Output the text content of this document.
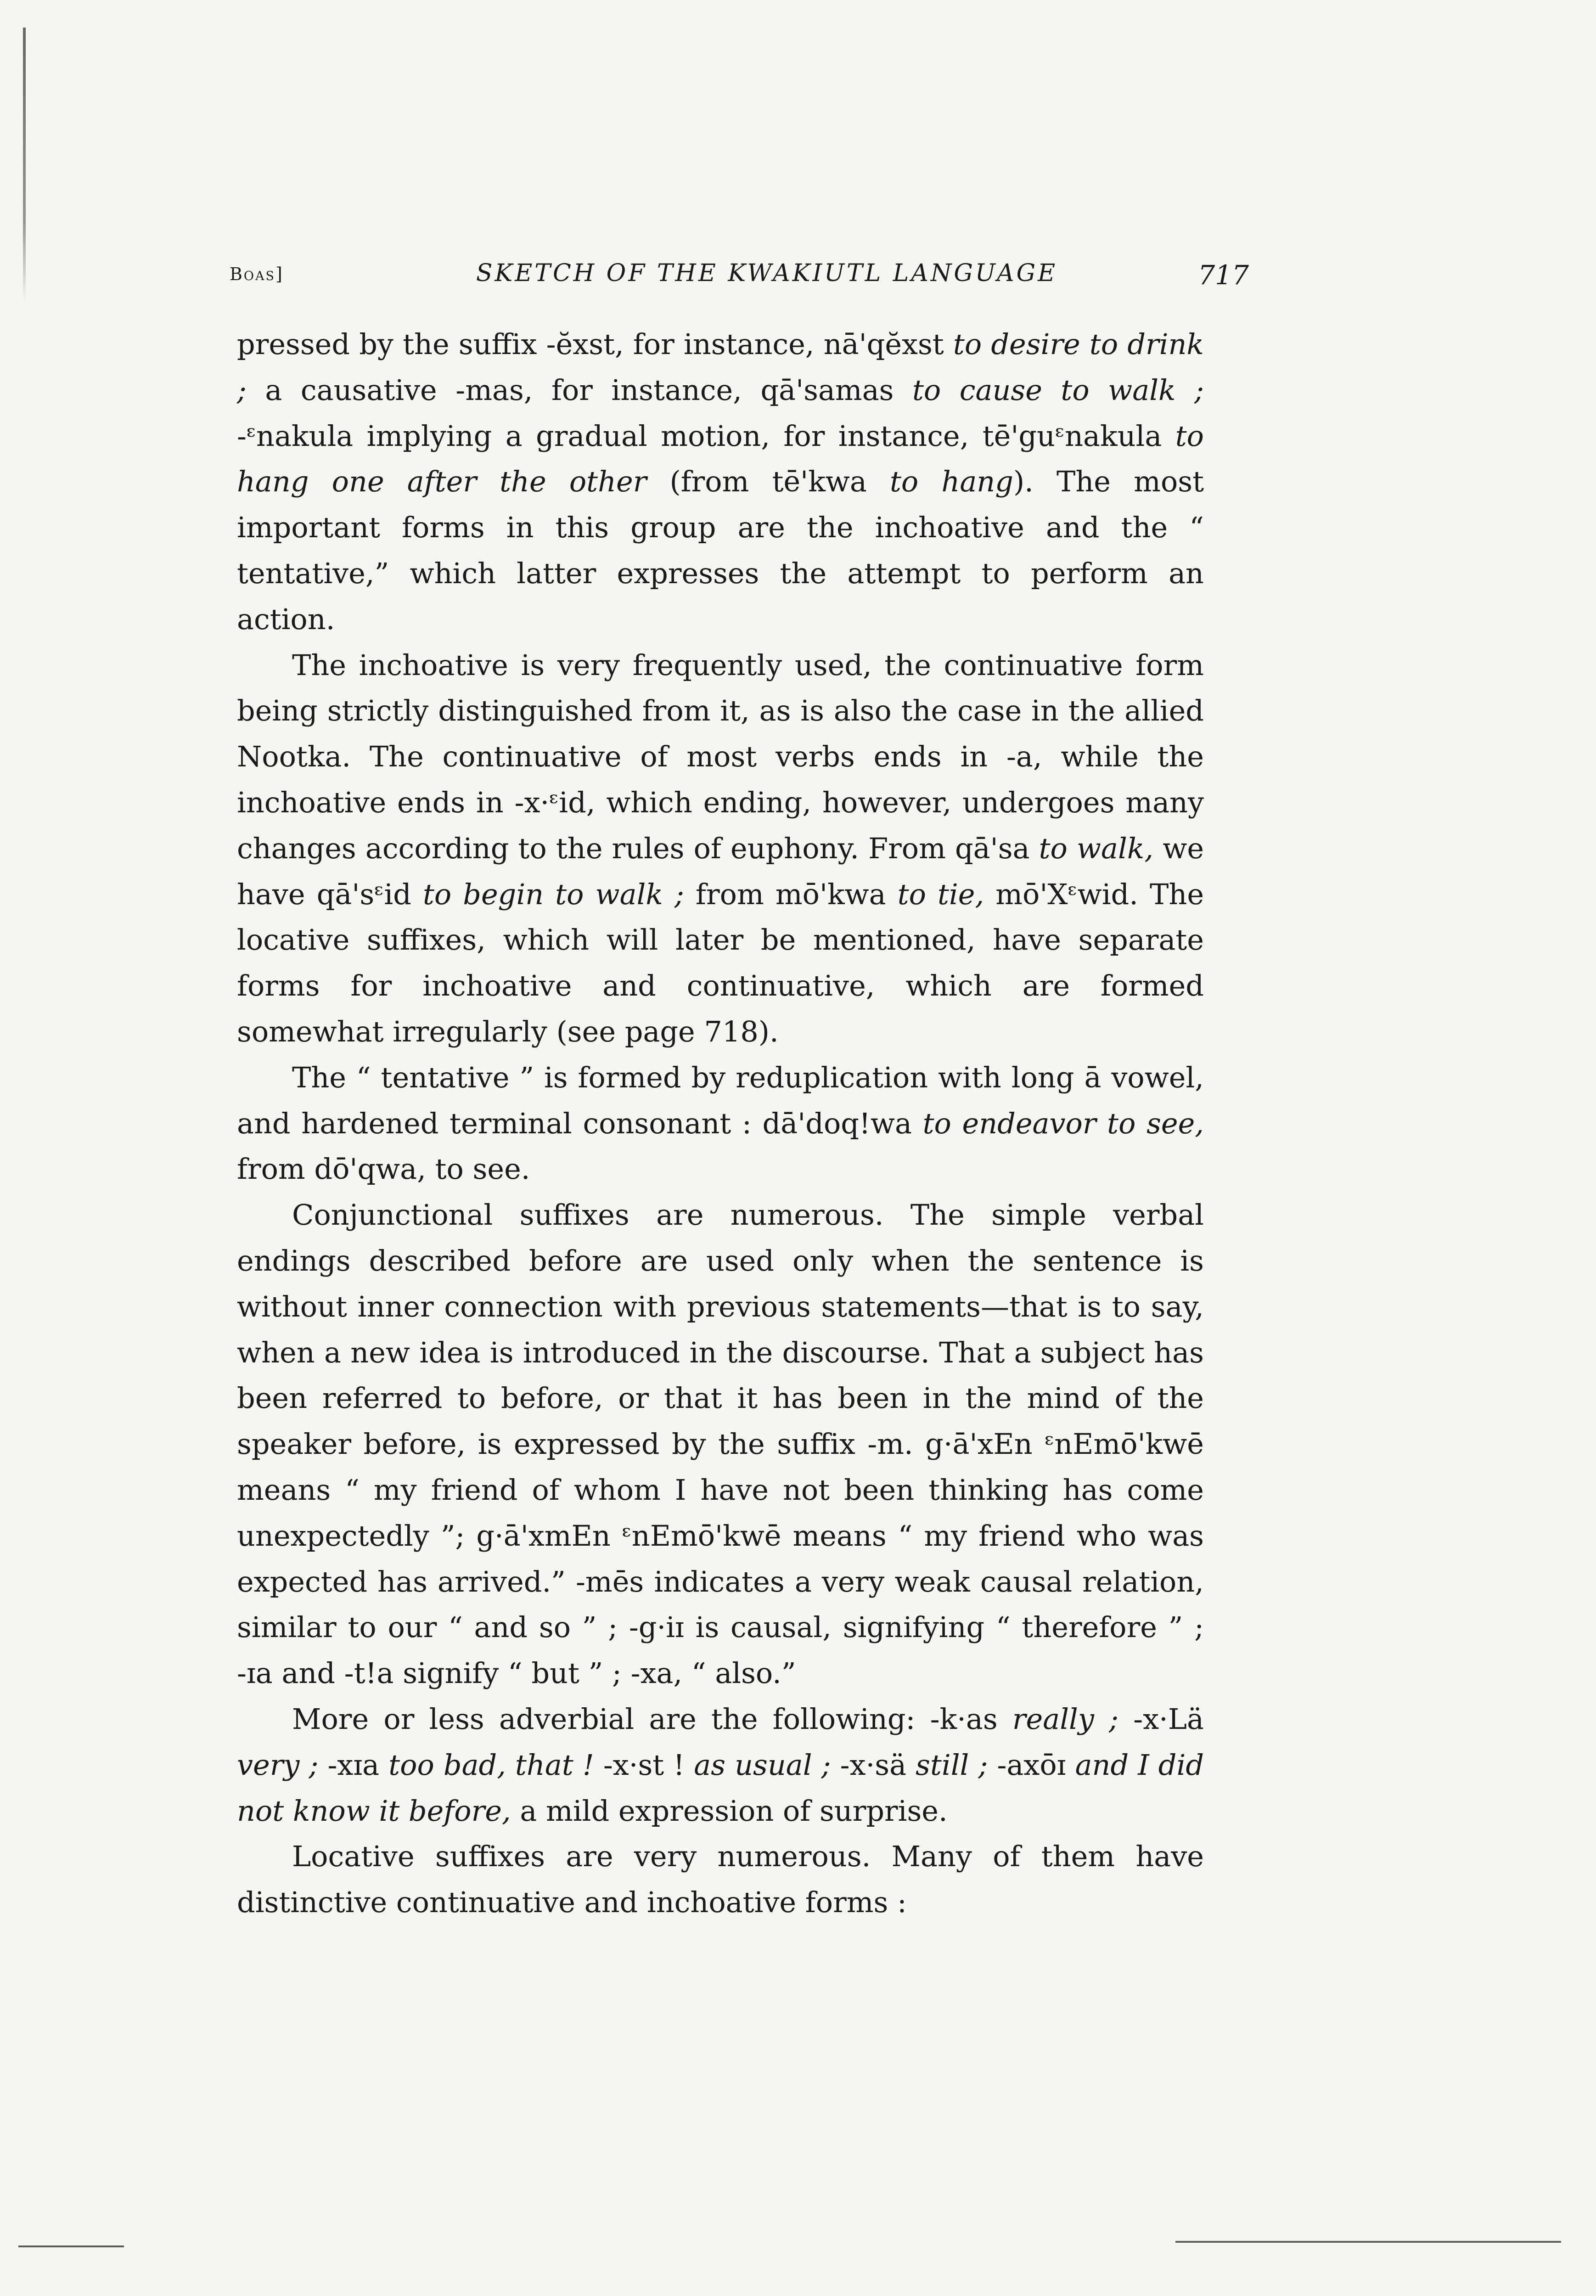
Boas]	SKETCH OF THE KWAKIUTL LANGUAGE	717

pressed by the suffix -ĕxst, for instance, nā'qĕxst to desire to drink ; a causative -mas, for instance, qā'samas to cause to walk ; -ᵋnakula implying a gradual motion, for instance, tē'guᵋnakula to hang one after the other (from tē'kwa to hang). The most important forms in this group are the inchoative and the “ tentative,” which latter expresses the attempt to perform an action.

The inchoative is very frequently used, the continuative form being strictly distinguished from it, as is also the case in the allied Nootka. The continuative of most verbs ends in -a, while the inchoative ends in -x·ᵋid, which ending, however, undergoes many changes according to the rules of euphony. From qā'sa to walk, we have qā'sᵋid to begin to walk ; from mō'kwa to tie, mō'Xᵋwid. The locative suffixes, which will later be mentioned, have separate forms for inchoative and continuative, which are formed somewhat irregularly (see page 718).

The “ tentative ” is formed by reduplication with long ā vowel, and hardened terminal consonant : dā'doq!wa to endeavor to see, from dō'qwa, to see.

Conjunctional suffixes are numerous. The simple verbal endings described before are used only when the sentence is without inner connection with previous statements—that is to say, when a new idea is introduced in the discourse. That a subject has been referred to before, or that it has been in the mind of the speaker before, is expressed by the suffix -m. g·ā'xEn ᵋnEmō'kwē means “ my friend of whom I have not been thinking has come unexpectedly ”; g·ā'xmEn ᵋnEmō'kwē means “ my friend who was expected has arrived.” -mēs indicates a very weak causal relation, similar to our “ and so ” ; -g·iɪ is causal, signifying “ therefore ” ; -ɪa and -t!a signify “ but ” ; -xa, “ also.”

More or less adverbial are the following: -k·as really ; -x·Lä very ; -xɪa too bad, that ! -x·st ! as usual ; -x·sä still ; -axōɪ and I did not know it before, a mild expression of surprise.

Locative suffixes are very numerous. Many of them have distinctive continuative and inchoative forms :
